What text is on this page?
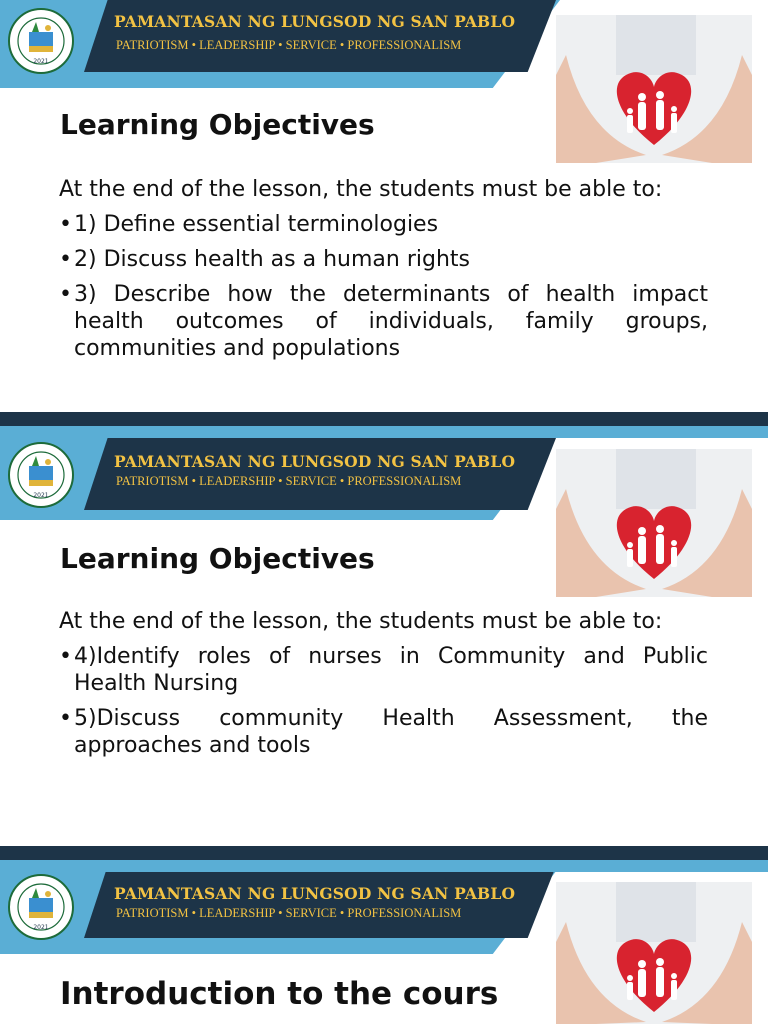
2021
PAMANTASAN NG LUNGSOD NG SAN PABLO
PATRIOTISM • LEADERSHIP • SERVICE • PROFESSIONALISM
Learning Objectives

At the end of the lesson, the students must be able to:

• 1) Define essential terminologies
• 2) Discuss health as a human rights
• 3) Describe how the determinants of health impact health outcomes of individuals, family groups, communities and populations
2021
PAMANTASAN NG LUNGSOD NG SAN PABLO
PATRIOTISM • LEADERSHIP • SERVICE • PROFESSIONALISM
Learning Objectives

At the end of the lesson, the students must be able to:

• 4)Identify roles of nurses in Community and Public Health Nursing
• 5)Discuss community Health Assessment, the approaches and tools
2021
PAMANTASAN NG LUNGSOD NG SAN PABLO
PATRIOTISM • LEADERSHIP • SERVICE • PROFESSIONALISM
Introduction to the cours
